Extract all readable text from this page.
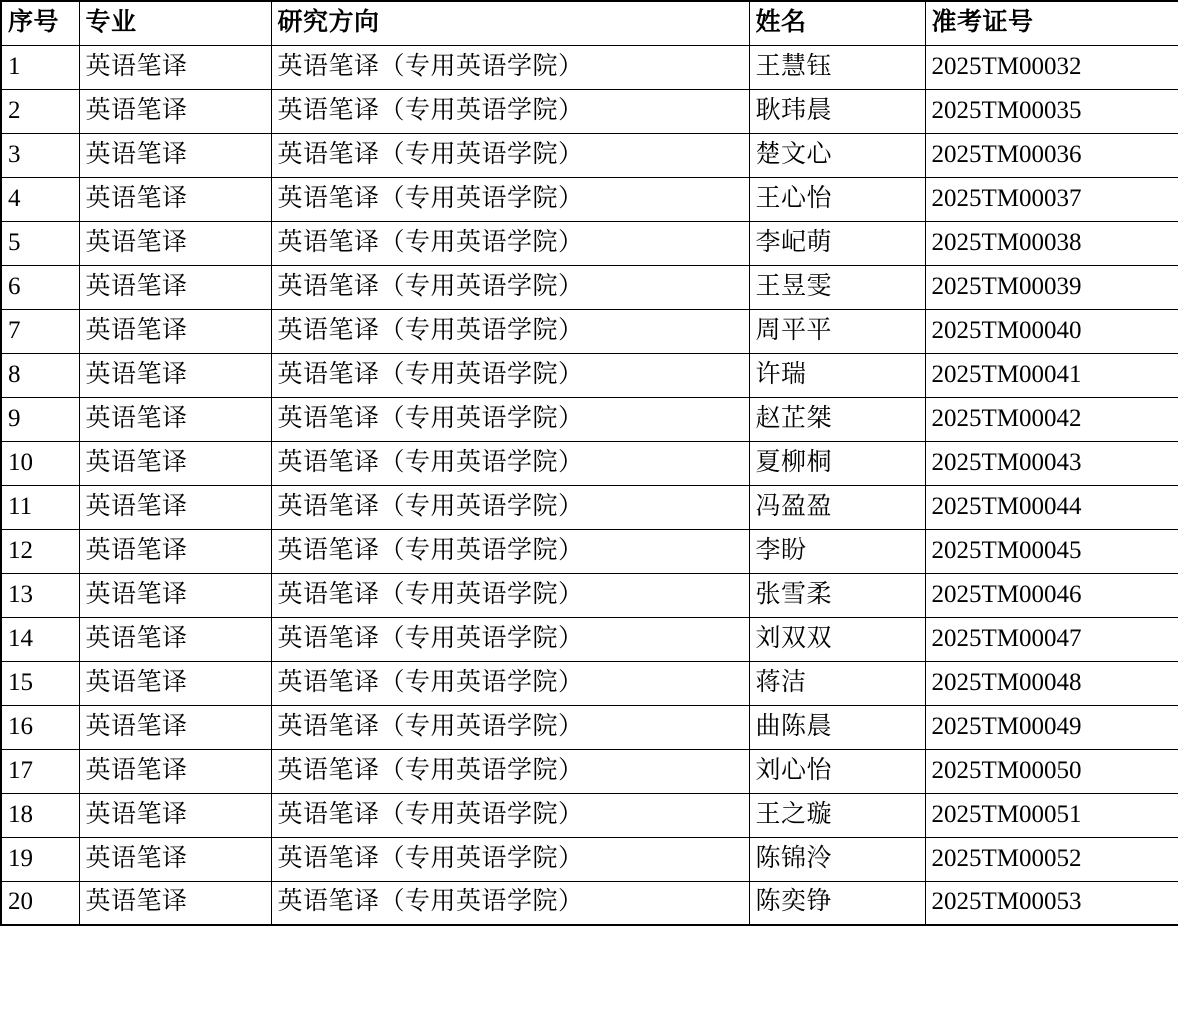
序号	专业	研究方向	姓名	准考证号
1	英语笔译	英语笔译（专用英语学院）	王慧钰	2025TM00032
2	英语笔译	英语笔译（专用英语学院）	耿玮晨	2025TM00035
3	英语笔译	英语笔译（专用英语学院）	楚文心	2025TM00036
4	英语笔译	英语笔译（专用英语学院）	王心怡	2025TM00037
5	英语笔译	英语笔译（专用英语学院）	李屺萌	2025TM00038
6	英语笔译	英语笔译（专用英语学院）	王昱雯	2025TM00039
7	英语笔译	英语笔译（专用英语学院）	周平平	2025TM00040
8	英语笔译	英语笔译（专用英语学院）	许瑞	2025TM00041
9	英语笔译	英语笔译（专用英语学院）	赵芷桀	2025TM00042
10	英语笔译	英语笔译（专用英语学院）	夏柳桐	2025TM00043
11	英语笔译	英语笔译（专用英语学院）	冯盈盈	2025TM00044
12	英语笔译	英语笔译（专用英语学院）	李盼	2025TM00045
13	英语笔译	英语笔译（专用英语学院）	张雪柔	2025TM00046
14	英语笔译	英语笔译（专用英语学院）	刘双双	2025TM00047
15	英语笔译	英语笔译（专用英语学院）	蒋洁	2025TM00048
16	英语笔译	英语笔译（专用英语学院）	曲陈晨	2025TM00049
17	英语笔译	英语笔译（专用英语学院）	刘心怡	2025TM00050
18	英语笔译	英语笔译（专用英语学院）	王之璇	2025TM00051
19	英语笔译	英语笔译（专用英语学院）	陈锦泠	2025TM00052
20	英语笔译	英语笔译（专用英语学院）	陈奕铮	2025TM00053
